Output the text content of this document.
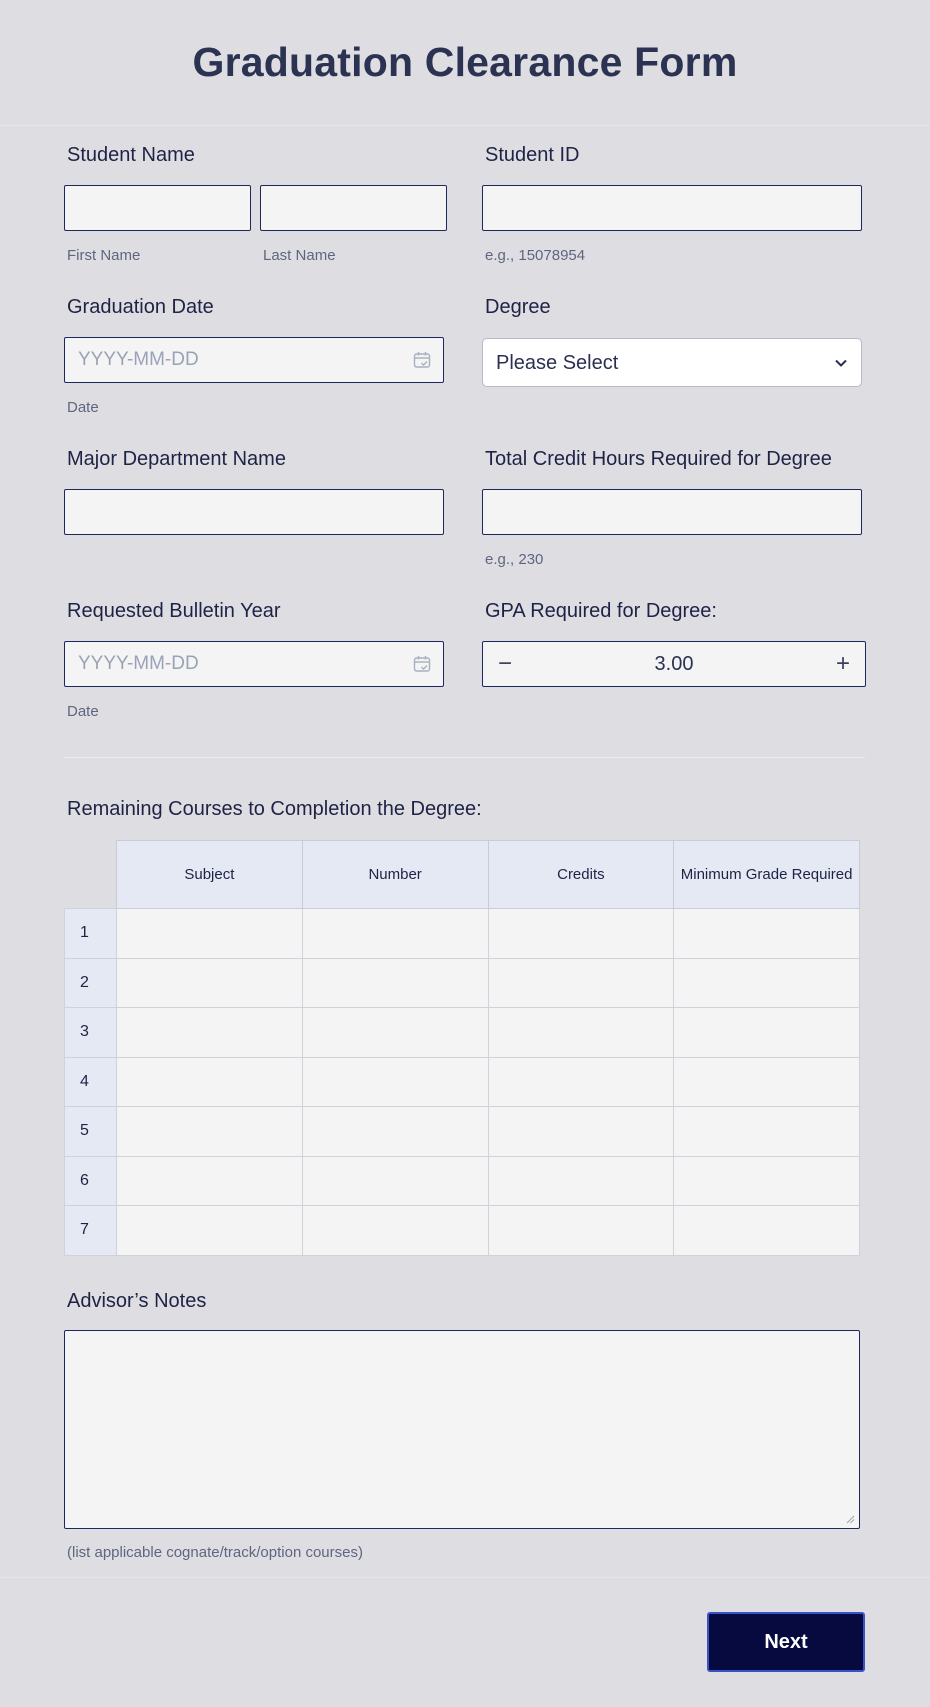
Graduation Clearance Form
Student Name
First Name	Last Name
Student ID
e.g., 15078954
Graduation Date
YYYY-MM-DD
Date
Degree
Please Select
Major Department Name	Total Credit Hours Required for Degree
e.g., 230
Requested Bulletin Year
YYYY-MM-DD
Date
GPA Required for Degree:
−	3.00	+
Remaining Courses to Completion the Degree:
	Subject	Number	Credits	Minimum Grade Required
1				
2				
3				
4				
5				
6				
7				
Advisor’s Notes
(list applicable cognate/track/option courses)
Next
